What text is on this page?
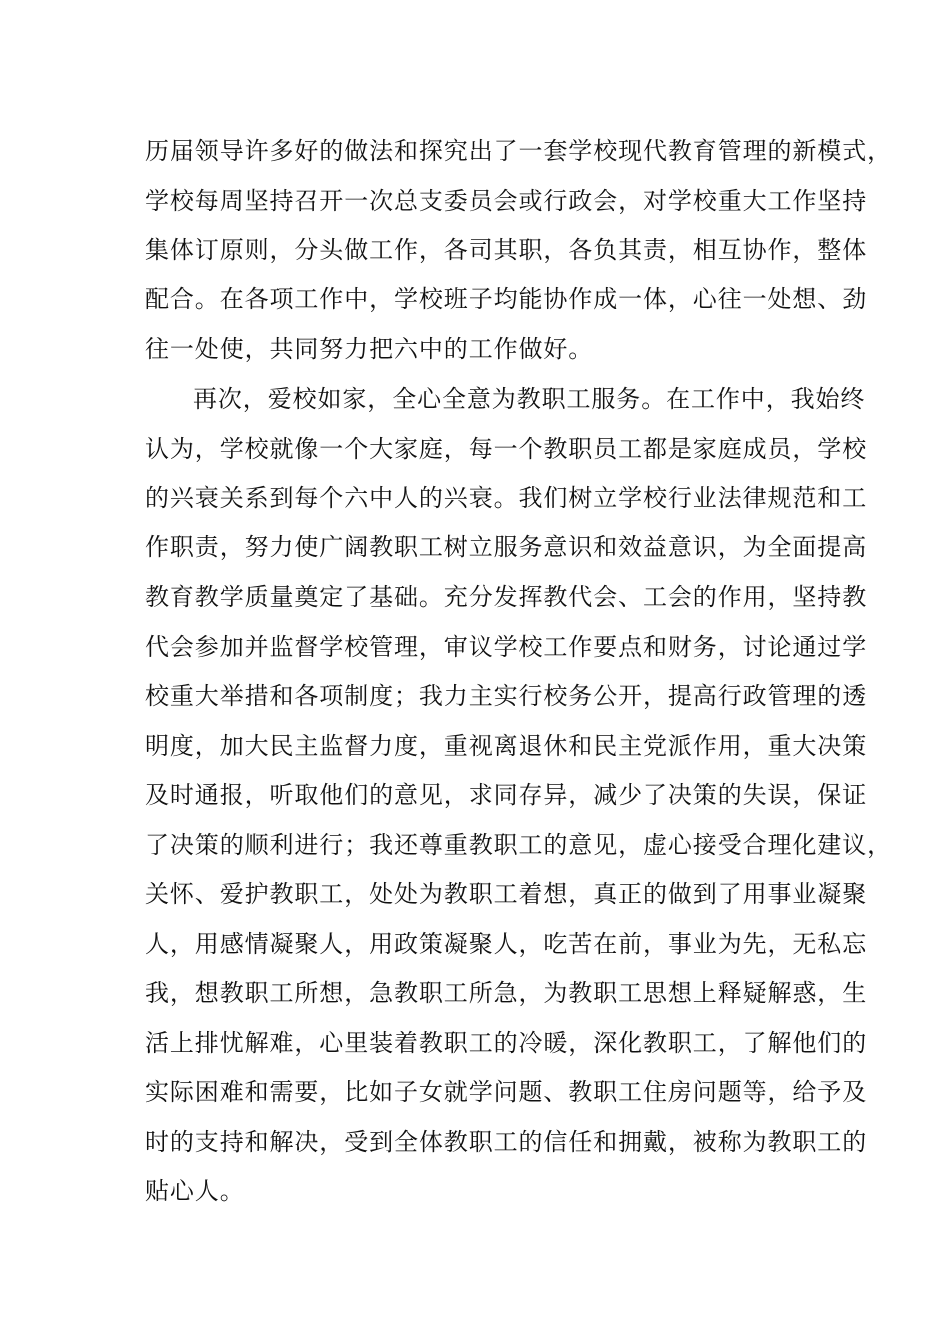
历届领导许多好的做法和探究出了一套学校现代教育管理的新模式，
学校每周坚持召开一次总支委员会或行政会，对学校重大工作坚持
集体订原则，分头做工作，各司其职，各负其责，相互协作，整体
配合。在各项工作中，学校班子均能协作成一体，心往一处想、劲
往一处使，共同努力把六中的工作做好。
再次，爱校如家，全心全意为教职工服务。在工作中，我始终
认为，学校就像一个大家庭，每一个教职员工都是家庭成员，学校
的兴衰关系到每个六中人的兴衰。我们树立学校行业法律规范和工
作职责，努力使广阔教职工树立服务意识和效益意识，为全面提高
教育教学质量奠定了基础。充分发挥教代会、工会的作用，坚持教
代会参加并监督学校管理，审议学校工作要点和财务，讨论通过学
校重大举措和各项制度；我力主实行校务公开，提高行政管理的透
明度，加大民主监督力度，重视离退休和民主党派作用，重大决策
及时通报，听取他们的意见，求同存异，减少了决策的失误，保证
了决策的顺利进行；我还尊重教职工的意见，虚心接受合理化建议，
关怀、爱护教职工，处处为教职工着想，真正的做到了用事业凝聚
人，用感情凝聚人，用政策凝聚人，吃苦在前，事业为先，无私忘
我，想教职工所想，急教职工所急，为教职工思想上释疑解惑，生
活上排忧解难，心里装着教职工的冷暖，深化教职工，了解他们的
实际困难和需要，比如子女就学问题、教职工住房问题等，给予及
时的支持和解决，受到全体教职工的信任和拥戴，被称为教职工的
贴心人。
